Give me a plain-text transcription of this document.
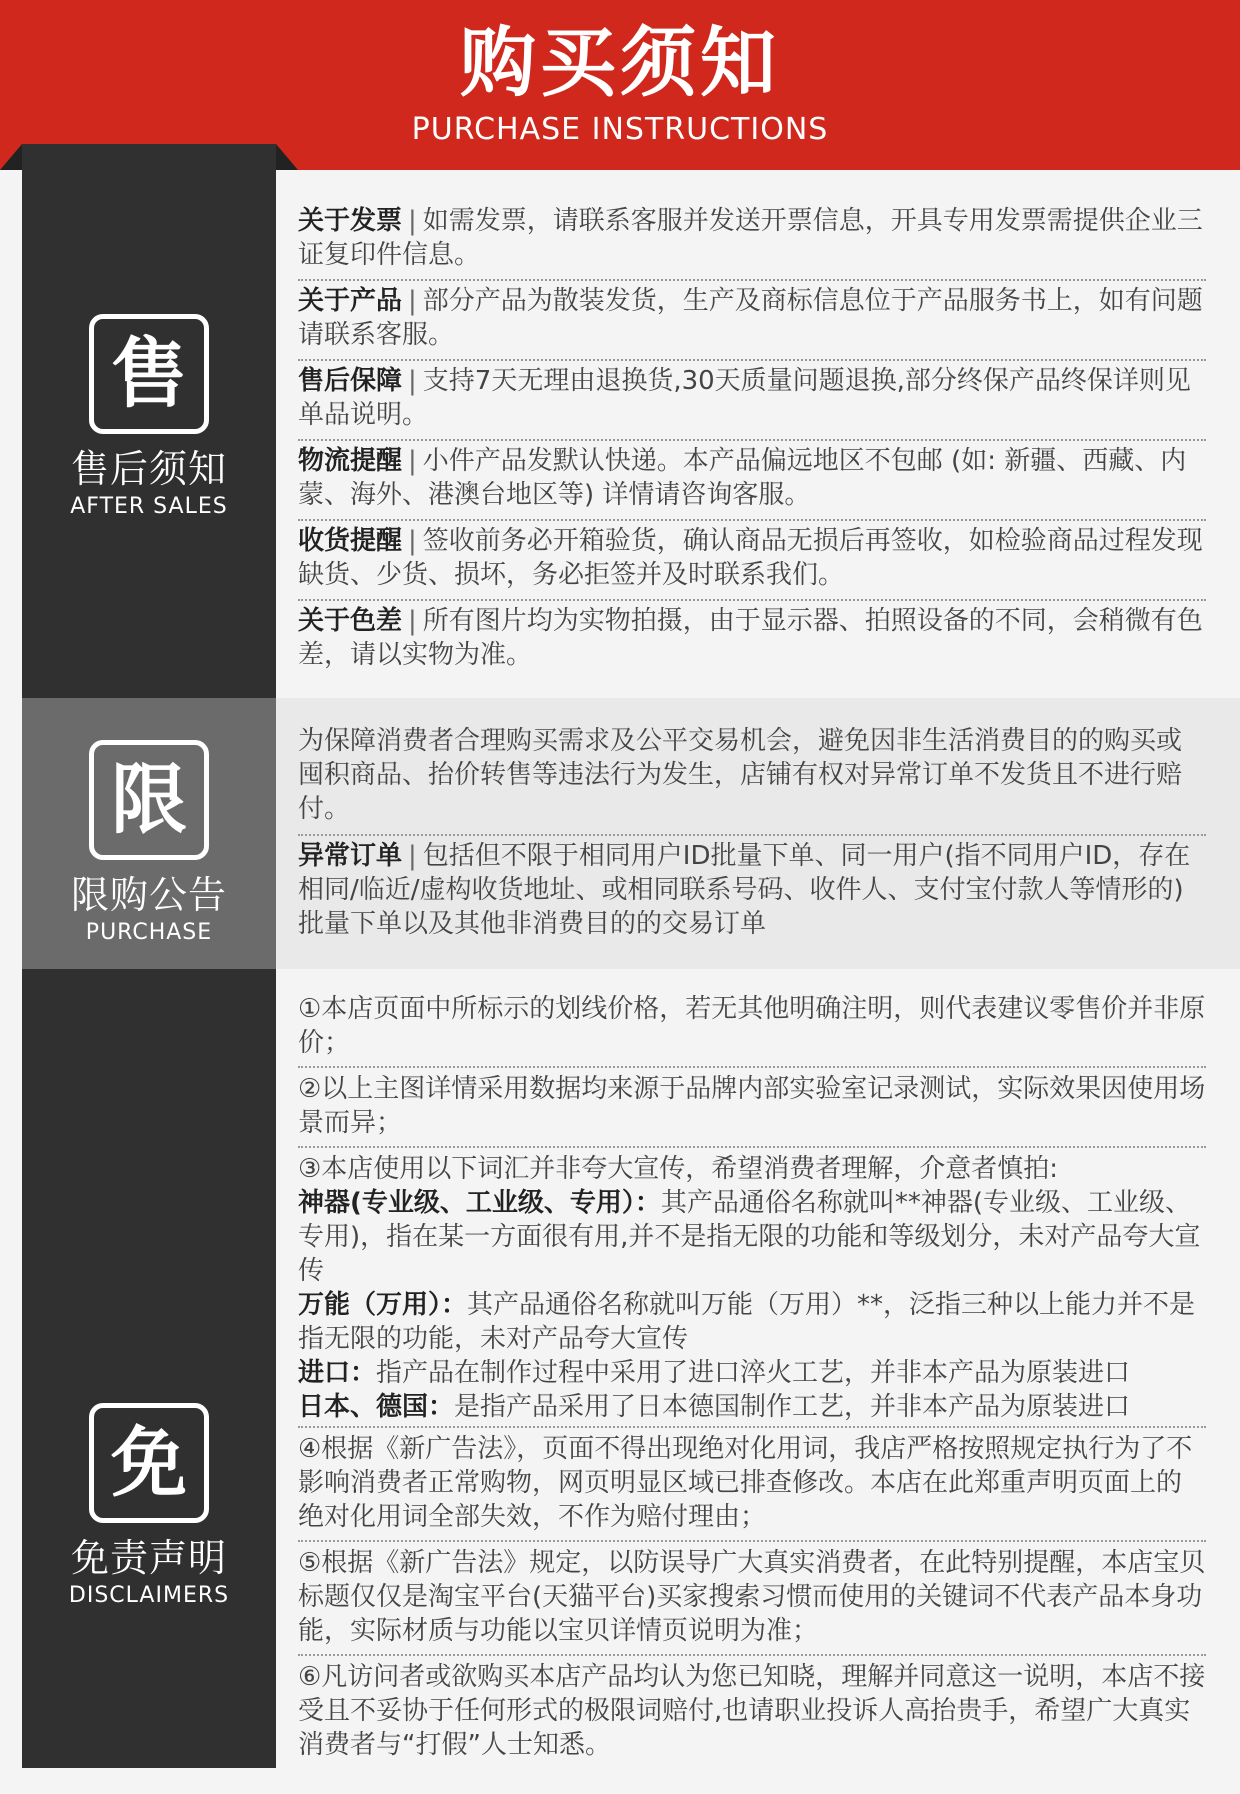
购买须知
PURCHASE INSTRUCTIONS
售
售后须知
AFTER SALES
限
限购公告
PURCHASE
免
免责声明
DISCLAIMERS
关于发票 | 如需发票，请联系客服并发送开票信息，开具专用发票需提供企业三证复印件信息。
关于产品 | 部分产品为散装发货，生产及商标信息位于产品服务书上，如有问题请联系客服。
售后保障 | 支持7天无理由退换货,30天质量问题退换,部分终保产品终保详则见单品说明。
物流提醒 | 小件产品发默认快递。本产品偏远地区不包邮 (如: 新疆、西藏、内蒙、海外、港澳台地区等) 详情请咨询客服。
收货提醒 | 签收前务必开箱验货，确认商品无损后再签收，如检验商品过程发现缺货、少货、损坏，务必拒签并及时联系我们。
关于色差 | 所有图片均为实物拍摄，由于显示器、拍照设备的不同，会稍微有色差，请以实物为准。
为保障消费者合理购买需求及公平交易机会，避免因非生活消费目的的购买或囤积商品、抬价转售等违法行为发生，店铺有权对异常订单不发货且不进行赔付。
异常订单 | 包括但不限于相同用户ID批量下单、同一用户(指不同用户ID，存在相同/临近/虚构收货地址、或相同联系号码、收件人、支付宝付款人等情形的)批量下单以及其他非消费目的的交易订单
①本店页面中所标示的划线价格，若无其他明确注明，则代表建议零售价并非原价；
②以上主图详情采用数据均来源于品牌内部实验室记录测试，实际效果因使用场景而异；
③本店使用以下词汇并非夸大宣传，希望消费者理解，介意者慎拍:
神器(专业级、工业级、专用）：其产品通俗名称就叫**神器(专业级、工业级、专用)，指在某一方面很有用,并不是指无限的功能和等级划分，未对产品夸大宣传
万能（万用）：其产品通俗名称就叫万能（万用）**，泛指三种以上能力并不是指无限的功能，未对产品夸大宣传
进口：指产品在制作过程中采用了进口淬火工艺，并非本产品为原装进口
日本、德国：是指产品采用了日本德国制作工艺，并非本产品为原装进口
④根据《新广告法》，页面不得出现绝对化用词，我店严格按照规定执行为了不影响消费者正常购物，网页明显区域已排查修改。本店在此郑重声明页面上的绝对化用词全部失效，不作为赔付理由；
⑤根据《新广告法》规定，以防误导广大真实消费者，在此特别提醒，本店宝贝标题仅仅是淘宝平台(天猫平台)买家搜索习惯而使用的关键词不代表产品本身功能，实际材质与功能以宝贝详情页说明为准；
⑥凡访问者或欲购买本店产品均认为您已知晓，理解并同意这一说明，本店不接受且不妥协于任何形式的极限词赔付,也请职业投诉人高抬贵手，希望广大真实消费者与“打假”人士知悉。
